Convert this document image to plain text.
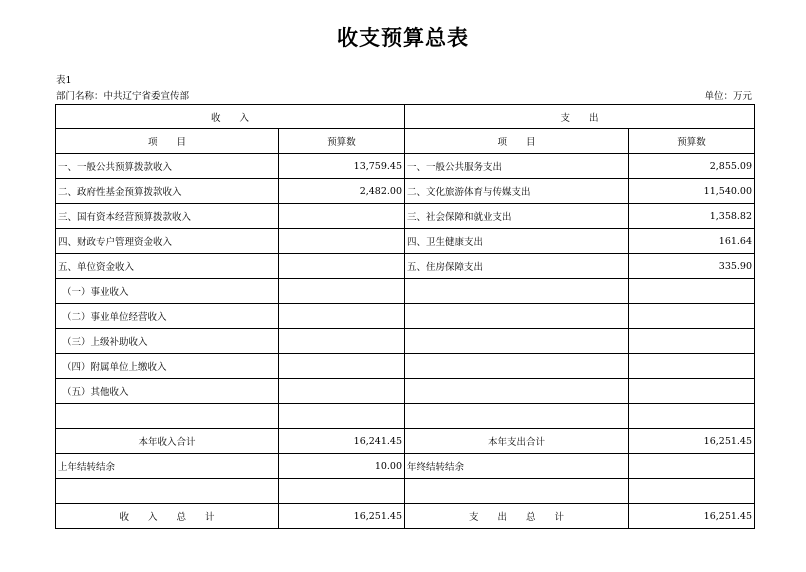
收支预算总表
表1
部门名称：中共辽宁省委宣传部	单位：万元
收　　入		支　　出	
项　　目	预算数	项　　目	预算数
一、一般公共预算拨款收入	13,759.45	一、一般公共服务支出	2,855.09
二、政府性基金预算拨款收入	2,482.00	二、文化旅游体育与传媒支出	11,540.00
三、国有资本经营预算拨款收入		三、社会保障和就业支出	1,358.82
四、财政专户管理资金收入		四、卫生健康支出	161.64
五、单位资金收入		五、住房保障支出	335.90
（一）事业收入			
（二）事业单位经营收入			
（三）上级补助收入			
（四）附属单位上缴收入			
（五）其他收入			

本年收入合计	16,241.45	本年支出合计	16,251.45
上年结转结余	10.00	年终结转结余	

收　　入　　总　　计	16,251.45	支　　出　　总　　计	16,251.45
